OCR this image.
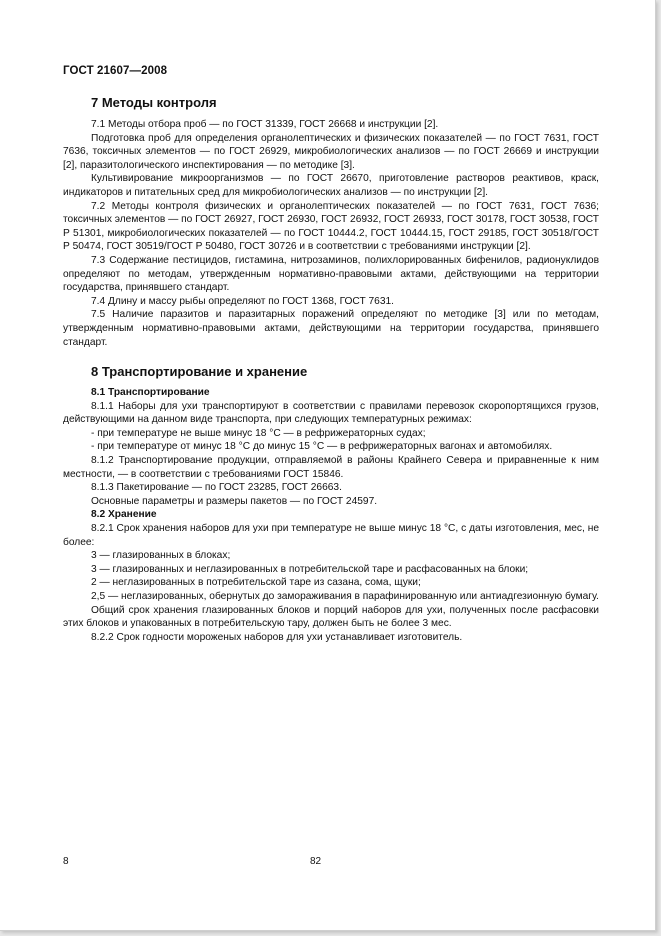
ГОСТ 21607—2008
7 Методы контроля

7.1 Методы отбора проб — по ГОСТ 31339, ГОСТ 26668 и инструкции [2].

Подготовка проб для определения органолептических и физических показателей — по ГОСТ 7631, ГОСТ 7636, токсичных элементов — по ГОСТ 26929, микробиологических анализов — по ГОСТ 26669 и инструкции [2], паразитологического инспектирования — по методике [3].

Культивирование микроорганизмов — по ГОСТ 26670, приготовление растворов реактивов, краск, индикаторов и питательных сред для микробиологических анализов — по инструкции [2].

7.2 Методы контроля физических и органолептических показателей — по ГОСТ 7631, ГОСТ 7636; токсичных элементов — по ГОСТ 26927, ГОСТ 26930, ГОСТ 26932, ГОСТ 26933, ГОСТ 30178, ГОСТ 30538, ГОСТ Р 51301, микробиологических показателей — по ГОСТ 10444.2, ГОСТ 10444.15, ГОСТ 29185, ГОСТ 30518/ГОСТ Р 50474, ГОСТ 30519/ГОСТ Р 50480, ГОСТ 30726 и в соответствии с требованиями инструкции [2].

7.3 Содержание пестицидов, гистамина, нитрозаминов, полихлорированных бифенилов, радионуклидов определяют по методам, утвержденным нормативно-правовыми актами, действующими на территории государства, принявшего стандарт.

7.4 Длину и массу рыбы определяют по ГОСТ 1368, ГОСТ 7631.

7.5 Наличие паразитов и паразитарных поражений определяют по методике [3] или по методам, утвержденным нормативно-правовыми актами, действующими на территории государства, принявшего стандарт.

8 Транспортирование и хранение
8.1 Транспортирование

8.1.1 Наборы для ухи транспортируют в соответствии с правилами перевозок скоропортящихся грузов, действующими на данном виде транспорта, при следующих температурных режимах:

- при температуре не выше минус 18 °С — в рефрижераторных судах;

- при температуре от минус 18 °С до минус 15 °С — в рефрижераторных вагонах и автомобилях.

8.1.2 Транспортирование продукции, отправляемой в районы Крайнего Севера и приравненные к ним местности, — в соответствии с требованиями ГОСТ 15846.

8.1.3 Пакетирование — по ГОСТ 23285, ГОСТ 26663.

Основные параметры и размеры пакетов — по ГОСТ 24597.

8.2 Хранение

8.2.1 Срок хранения наборов для ухи при температуре не выше минус 18 °С, с даты изготовления, мес, не более:

3 — глазированных в блоках;

3 — глазированных и неглазированных в потребительской таре и расфасованных на блоки;

2 — неглазированных в потребительской таре из сазана, сома, щуки;

2,5 — неглазированных, обернутых до замораживания в парафинированную или антиадгезионную бумагу.

Общий срок хранения глазированных блоков и порций наборов для ухи, полученных после расфасовки этих блоков и упакованных в потребительскую тару, должен быть не более 3 мес.

8.2.2 Срок годности мороженых наборов для ухи устанавливает изготовитель.

8	82
